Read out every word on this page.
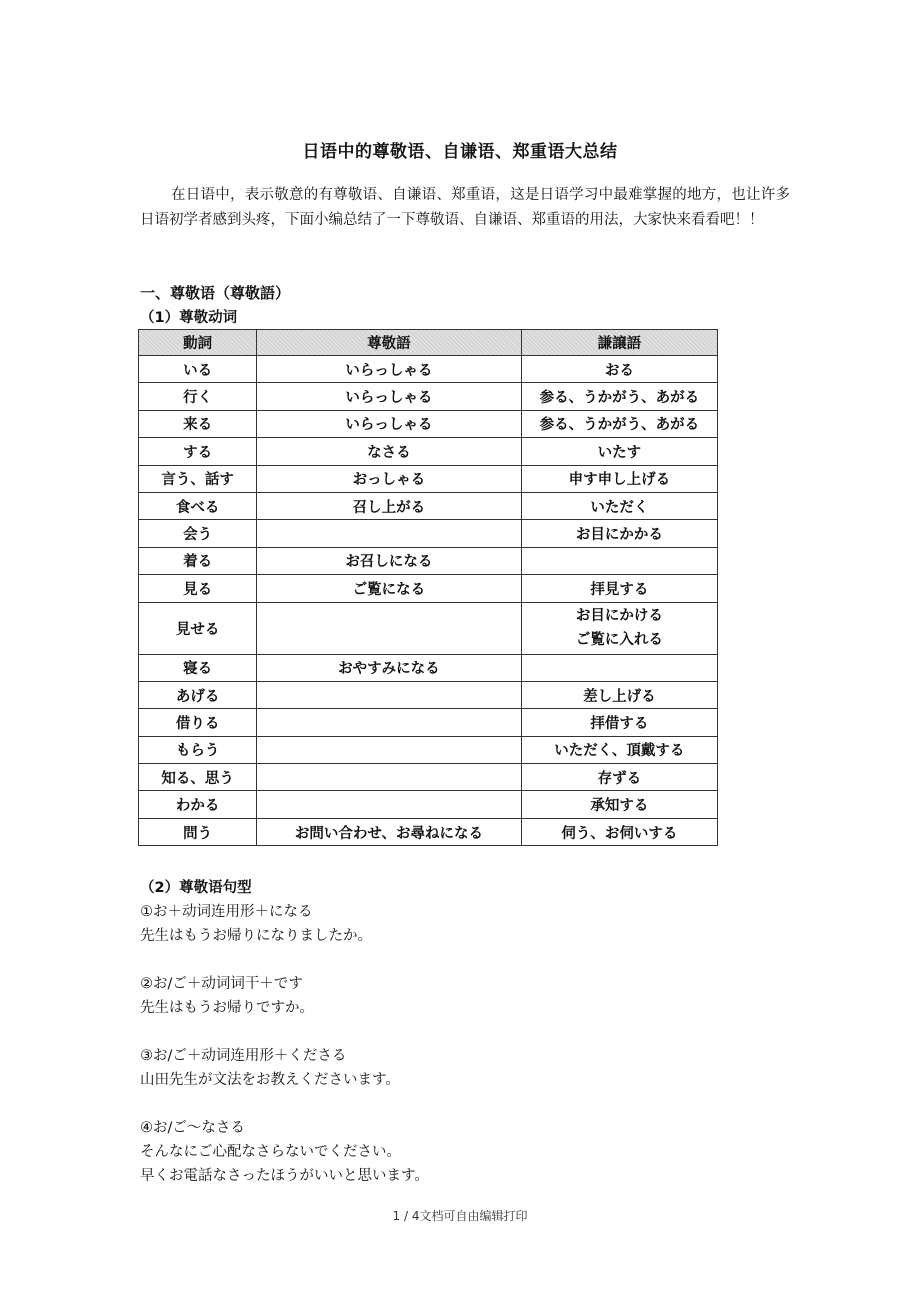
日语中的尊敬语、自谦语、郑重语大总结
在日语中，表示敬意的有尊敬语、自谦语、郑重语，这是日语学习中最难掌握的地方，也让许多日语初学者感到头疼，下面小编总结了一下尊敬语、自谦语、郑重语的用法，大家快来看看吧！！
一、尊敬语（尊敬語）
（1）尊敬动词
動詞	尊敬語	謙譲語
いる	いらっしゃる	おる
行く	いらっしゃる	参る、うかがう、あがる
来る	いらっしゃる	参る、うかがう、あがる
する	なさる	いたす
言う、話す	おっしゃる	申す申し上げる
食べる	召し上がる	いただく
会う		お目にかかる
着る	お召しになる	
見る	ご覧になる	拝見する
見せる		お目にかける
ご覧に入れる

寝る	おやすみになる	
あげる		差し上げる
借りる		拝借する
もらう		いただく、頂戴する
知る、思う		存ずる
わかる		承知する
問う	お問い合わせ、お尋ねになる	伺う、お伺いする
（2）尊敬语句型
①お＋动词连用形＋になる
先生はもうお帰りになりましたか。
②お/ご＋动词词干＋です
先生はもうお帰りですか。
③お/ご＋动词连用形＋くださる
山田先生が文法をお教えくださいます。
④お/ご～なさる
そんなにご心配なさらないでください。
早くお電話なさったほうがいいと思います。
1 / 4文档可自由编辑打印
